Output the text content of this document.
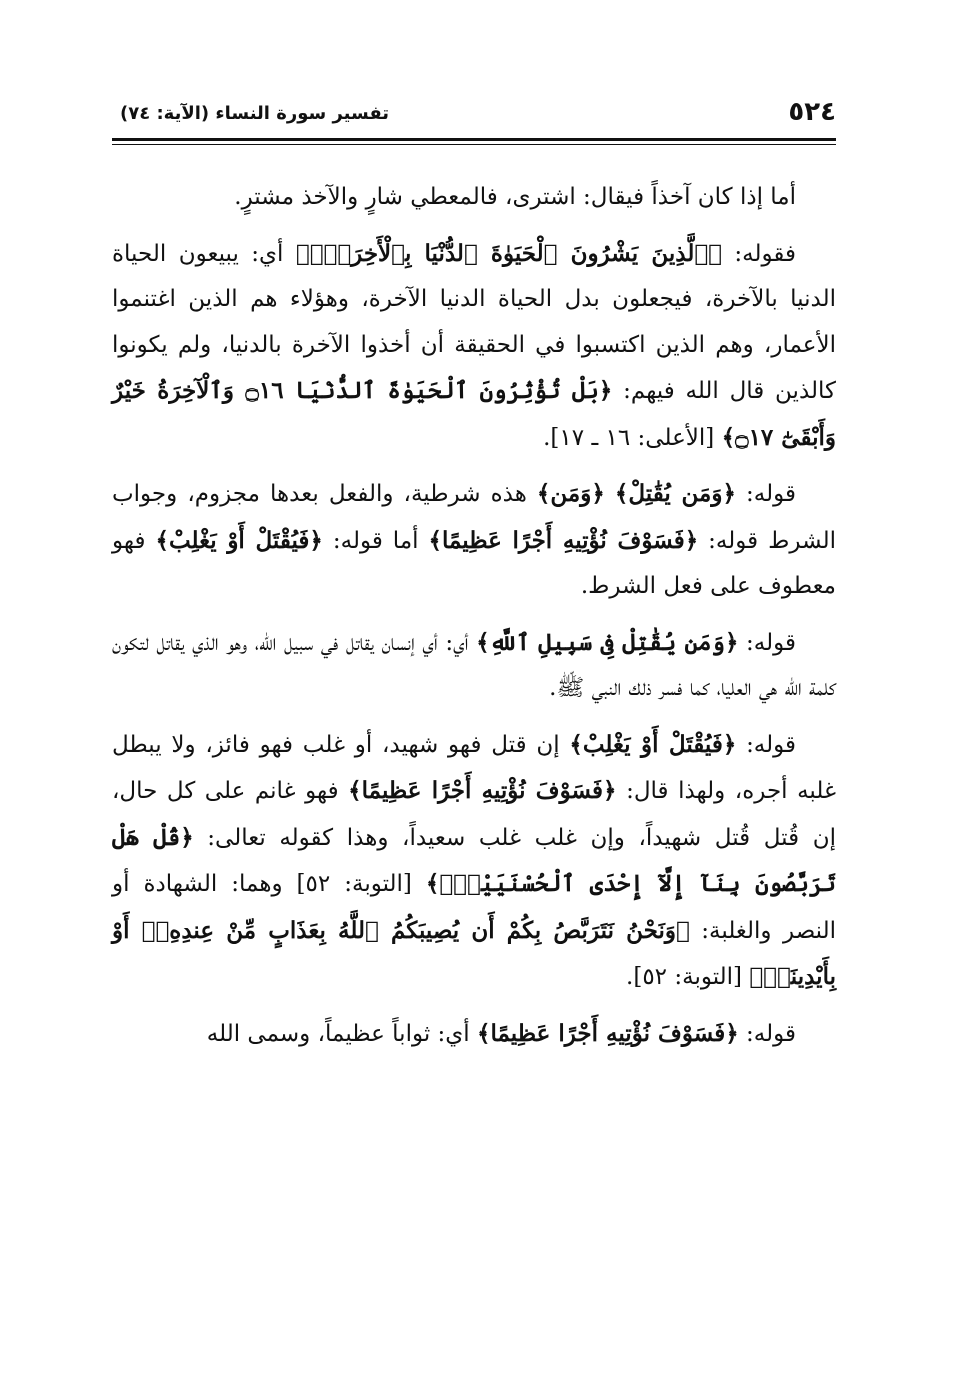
٥٢٤
تفسير سورة النساء (الآية: ٧٤)

أما إذا كان آخذاً فيقال: اشترى، فالمعطي شارٍ والآخذ مشترٍ.

فقوله: ﴿ٱلَّذِينَ يَشْرُونَ ٱلْحَيَوٰةَ ٱلدُّنْيَا بِٱلْأَخِرَةِۚ﴾ أي: يبيعون الحياة الدنيا بالآخرة، فيجعلون بدل الحياة الدنيا الآخرة، وهؤلاء هم الذين اغتنموا الأعمار، وهم الذين اكتسبوا في الحقيقة أن أخذوا الآخرة بالدنيا، ولم يكونوا كالذين قال الله فيهم: ﴿بَلْ تُؤْثِرُونَ ٱلْحَيَوٰةَ ٱلدُّنْيَا ۝١٦ وَٱلْآخِرَةُ خَيْرٌ وَأَبْقَىٰٓ ۝١٧﴾ [الأعلى: ١٦ ـ ١٧].

قوله: ﴿وَمَن يُقَٰتِلْ﴾ ﴿وَمَن﴾ هذه شرطية، والفعل بعدها مجزوم، وجواب الشرط قوله: ﴿فَسَوْفَ نُؤْتِيهِ أَجْرًا عَظِيمًا﴾ أما قوله: ﴿فَيُقْتَلْ أَوْ يَغْلِبْ﴾ فهو معطوف على فعل الشرط.

قوله: ﴿وَمَن يُقَٰتِلْ فِى سَبِيلِ ٱللَّهِ﴾ أي: أي إنسان يقاتل في سبيل الله، وهو الذي يقاتل لتكون كلمة الله هي العليا، كما فسر ذلك النبي ﷺ.

قوله: ﴿فَيُقْتَلْ أَوْ يَغْلِبْ﴾ إن قتل فهو شهيد، أو غلب فهو فائز، ولا يبطل غلبه أجره، ولهذا قال: ﴿فَسَوْفَ نُؤْتِيهِ أَجْرًا عَظِيمًا﴾ فهو غانم على كل حال، إن قُتل قُتل شهيداً، وإن غلب غلب سعيداً، وهذا كقوله تعالى: ﴿قُلْ هَلْ تَرَبَّصُونَ بِنَآ إِلَّآ إِحْدَى ٱلْحُسْنَيَيْنِۖ﴾ [التوبة: ٥٢] وهما: الشهادة أو النصر والغلبة: ﴿وَنَحْنُ نَتَرَبَّصُ بِكُمْ أَن يُصِيبَكُمُ ٱللَّهُ بِعَذَابٍ مِّنْ عِندِهِۦٓ أَوْ بِأَيْدِينَاۖ﴾ [التوبة: ٥٢].

قوله: ﴿فَسَوْفَ نُؤْتِيهِ أَجْرًا عَظِيمًا﴾ أي: ثواباً عظيماً، وسمى الله
